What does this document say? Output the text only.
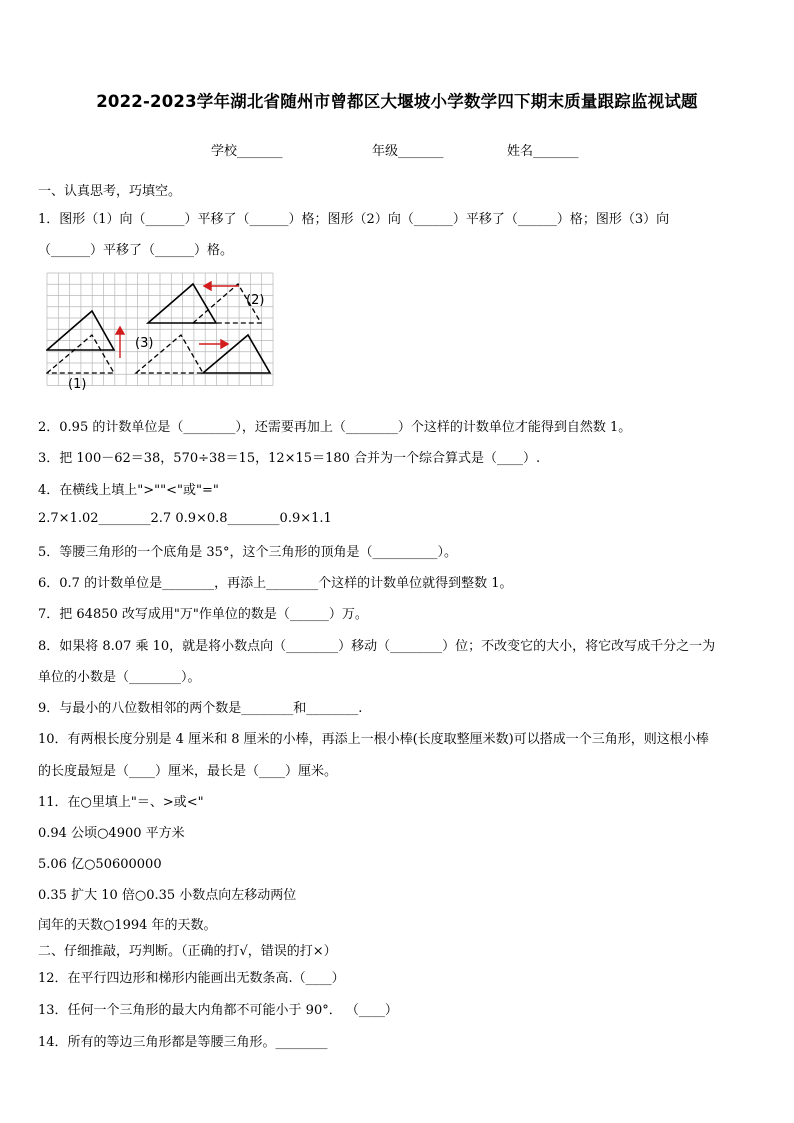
2022-2023学年湖北省随州市曾都区大堰坡小学数学四下期末质量跟踪监视试题
学校_______	年级_______	姓名_______
一、认真思考，巧填空。
1．图形（1）向（______）平移了（______）格；图形（2）向（______）平移了（______）格；图形（3）向
（______）平移了（______）格。
(1)
(2)
(3)
2．0.95 的计数单位是（________），还需要再加上（________）个这样的计数单位才能得到自然数 1。
3．把 100－62＝38，570÷38＝15，12×15＝180 合并为一个综合算式是（____）.
4．在横线上填上">""<"或"="
2.7×1.02________2.7 0.9×0.8________0.9×1.1
5．等腰三角形的一个底角是 35°，这个三角形的顶角是（__________）。
6．0.7 的计数单位是________，再添上________个这样的计数单位就得到整数 1。
7．把 64850 改写成用"万"作单位的数是（______）万。
8．如果将 8.07 乘 10，就是将小数点向（________）移动（________）位；不改变它的大小，将它改写成千分之一为
单位的小数是（________）。
9．与最小的八位数相邻的两个数是________和________.
10．有两根长度分别是 4 厘米和 8 厘米的小棒，再添上一根小棒(长度取整厘米数)可以搭成一个三角形，则这根小棒
的长度最短是（____）厘米，最长是（____）厘米。
11．在○里填上"＝、>或<"
0.94 公顷○4900 平方米
5.06 亿○50600000
0.35 扩大 10 倍○0.35 小数点向左移动两位
闰年的天数○1994 年的天数。
二、仔细推敲，巧判断。（正确的打√，错误的打×）
12．在平行四边形和梯形内能画出无数条高.（____）
13．任何一个三角形的最大内角都不可能小于 90°． （____）
14．所有的等边三角形都是等腰三角形。________
